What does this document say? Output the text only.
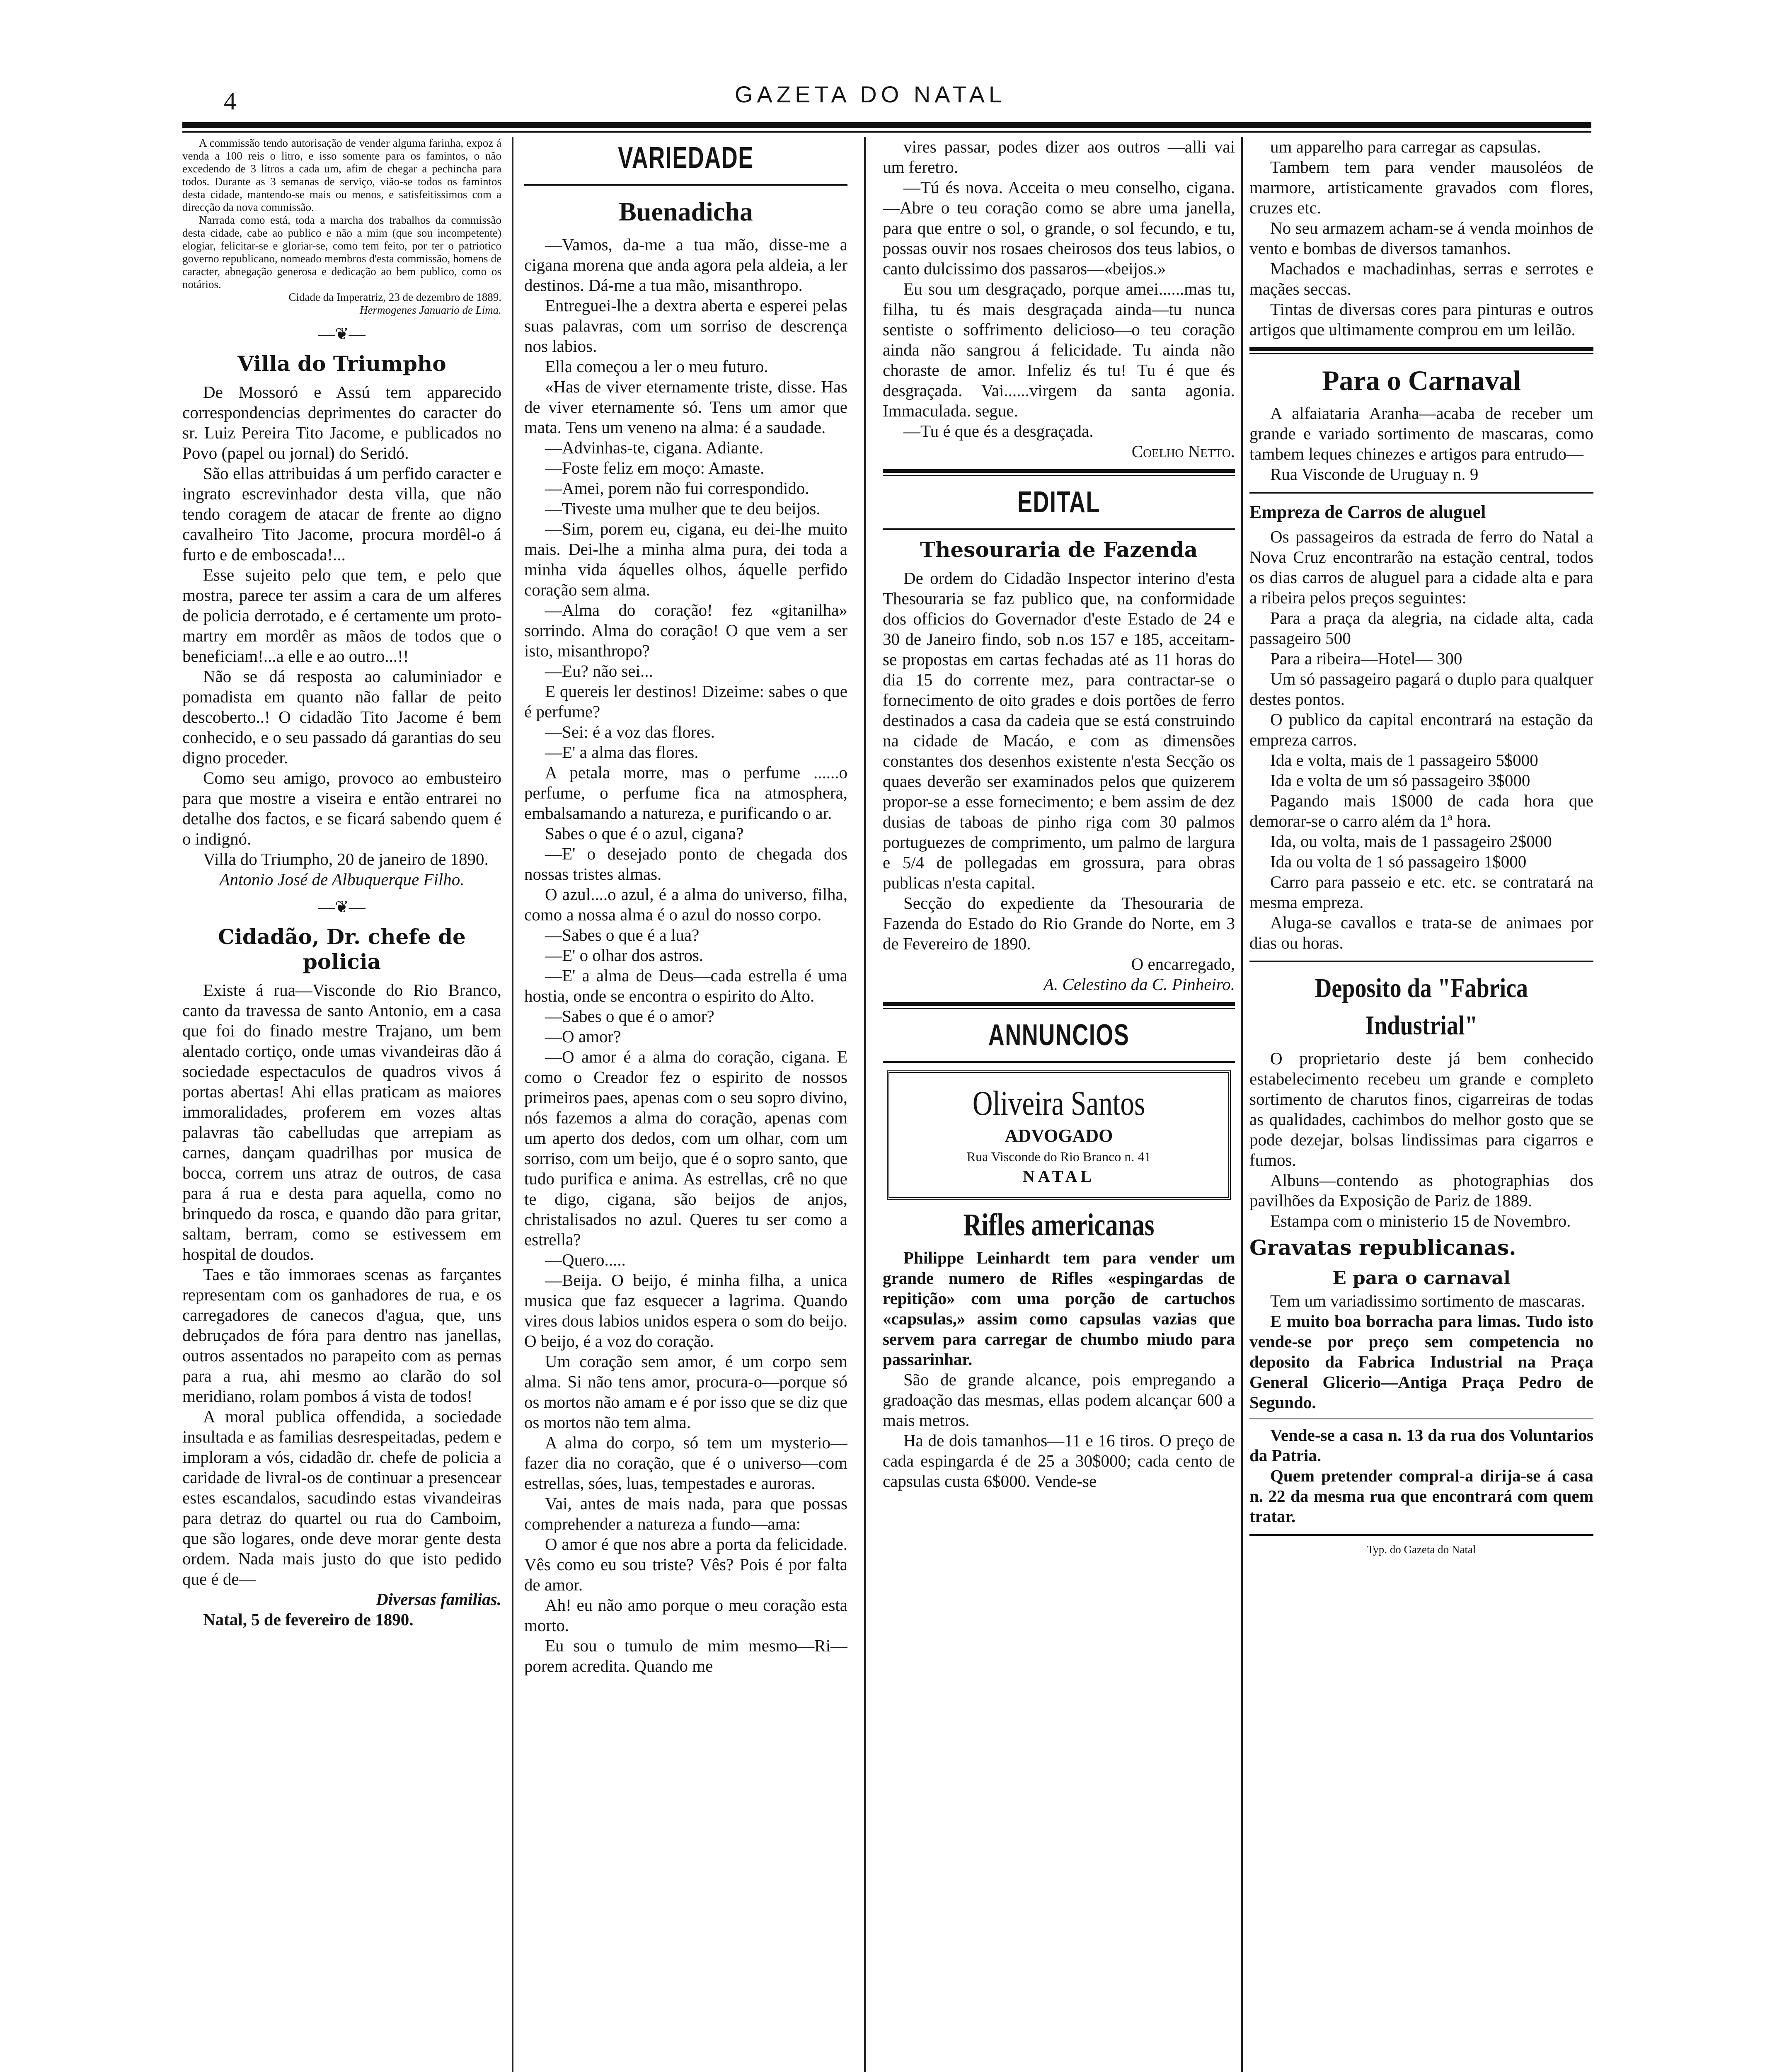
4	GAZETA DO NATAL

A commissão tendo autorisação de vender alguma farinha, expoz á venda a 100 reis o litro, e isso somente para os famintos, o não excedendo de 3 litros a cada um, afim de chegar a pechincha para todos. Durante as 3 semanas de serviço, vião-se todos os famintos desta cidade, mantendo-se mais ou menos, e satisfeitissimos com a direcção da nova commissão.

Narrada como está, toda a marcha dos trabalhos da commissão desta cidade, cabe ao publico e não a mim (que sou incompetente) elogiar, felicitar-se e gloriar-se, como tem feito, por ter o patriotico governo republicano, nomeado membros d'esta commissão, homens de caracter, abnegação generosa e dedicação ao bem publico, como os notários.

Cidade da Imperatriz, 23 de dezembro de 1889.

Hermogenes Januario de Lima.

—❦—
Villa do Triumpho

De Mossoró e Assú tem apparecido correspondencias deprimentes do caracter do sr. Luiz Pereira Tito Jacome, e publicados no Povo (papel ou jornal) do Seridó.

São ellas attribuidas á um perfido caracter e ingrato escrevinhador desta villa, que não tendo coragem de atacar de frente ao digno cavalheiro Tito Jacome, procura mordêl-o á furto e de emboscada!...

Esse sujeito pelo que tem, e pelo que mostra, parece ter assim a cara de um alferes de policia derrotado, e é certamente um proto-martry em mordêr as mãos de todos que o beneficiam!...a elle e ao outro...!!

Não se dá resposta ao caluminiador e pomadista em quanto não fallar de peito descoberto..! O cidadão Tito Jacome é bem conhecido, e o seu passado dá garantias do seu digno proceder.

Como seu amigo, provoco ao embusteiro para que mostre a viseira e então entrarei no detalhe dos factos, e se ficará sabendo quem é o indignó.

Villa do Triumpho, 20 de janeiro de 1890.

Antonio José de Albuquerque Filho.

—❦—
Cidadão, Dr. chefe de policia

Existe á rua—Visconde do Rio Branco, canto da travessa de santo Antonio, em a casa que foi do finado mestre Trajano, um bem alentado cortiço, onde umas vivandeiras dão á sociedade espectaculos de quadros vivos á portas abertas! Ahi ellas praticam as maiores immoralidades, proferem em vozes altas palavras tão cabelludas que arrepiam as carnes, dançam quadrilhas por musica de bocca, correm uns atraz de outros, de casa para á rua e desta para aquella, como no brinquedo da rosca, e quando dão para gritar, saltam, berram, como se estivessem em hospital de doudos.

Taes e tão immoraes scenas as farçantes representam com os ganhadores de rua, e os carregadores de canecos d'agua, que, uns debruçados de fóra para dentro nas janellas, outros assentados no parapeito com as pernas para a rua, ahi mesmo ao clarão do sol meridiano, rolam pombos á vista de todos!

A moral publica offendida, a sociedade insultada e as familias desrespeitadas, pedem e imploram a vós, cidadão dr. chefe de policia a caridade de livral-os de continuar a presencear estes escandalos, sacudindo estas vivandeiras para detraz do quartel ou rua do Camboim, que são logares, onde deve morar gente desta ordem. Nada mais justo do que isto pedido que é de—

Diversas familias.

Natal, 5 de fevereiro de 1890.

VARIEDADE
Buenadicha

—Vamos, da-me a tua mão, disse-me a cigana morena que anda agora pela aldeia, a ler destinos. Dá-me a tua mão, misanthropo.

Entreguei-lhe a dextra aberta e esperei pelas suas palavras, com um sorriso de descrença nos labios.

Ella começou a ler o meu futuro.

«Has de viver eternamente triste, disse. Has de viver eternamente só. Tens um amor que mata. Tens um veneno na alma: é a saudade.

—Advinhas-te, cigana. Adiante.

—Foste feliz em moço: Amaste.

—Amei, porem não fui correspondido.

—Tiveste uma mulher que te deu beijos.

—Sim, porem eu, cigana, eu dei-lhe muito mais. Dei-lhe a minha alma pura, dei toda a minha vida áquelles olhos, áquelle perfido coração sem alma.

—Alma do coração! fez «gitanilha» sorrindo. Alma do coração! O que vem a ser isto, misanthropo?

—Eu? não sei...

E quereis ler destinos! Dizeime: sabes o que é perfume?

—Sei: é a voz das flores.

—E' a alma das flores.

A petala morre, mas o perfume ......o perfume, o perfume fica na atmosphera, embalsamando a natureza, e purificando o ar.

Sabes o que é o azul, cigana?

—E' o desejado ponto de chegada dos nossas tristes almas.

O azul....o azul, é a alma do universo, filha, como a nossa alma é o azul do nosso corpo.

—Sabes o que é a lua?

—E' o olhar dos astros.

—E' a alma de Deus—cada estrella é uma hostia, onde se encontra o espirito do Alto.

—Sabes o que é o amor?

—O amor?

—O amor é a alma do coração, cigana. E como o Creador fez o espirito de nossos primeiros paes, apenas com o seu sopro divino, nós fazemos a alma do coração, apenas com um aperto dos dedos, com um olhar, com um sorriso, com um beijo, que é o sopro santo, que tudo purifica e anima. As estrellas, crê no que te digo, cigana, são beijos de anjos, christalisados no azul. Queres tu ser como a estrella?

—Quero.....

—Beija. O beijo, é minha filha, a unica musica que faz esquecer a lagrima. Quando vires dous labios unidos espera o som do beijo. O beijo, é a voz do coração.

Um coração sem amor, é um corpo sem alma. Si não tens amor, procura-o—porque só os mortos não amam e é por isso que se diz que os mortos não tem alma.

A alma do corpo, só tem um mysterio—fazer dia no coração, que é o universo—com estrellas, sóes, luas, tempestades e auroras.

Vai, antes de mais nada, para que possas comprehender a natureza a fundo—ama:

O amor é que nos abre a porta da felicidade. Vês como eu sou triste? Vês? Pois é por falta de amor.

Ah! eu não amo porque o meu coração esta morto.

Eu sou o tumulo de mim mesmo—Ri—porem acredita. Quando me

vires passar, podes dizer aos outros —alli vai um feretro.

—Tú és nova. Acceita o meu conselho, cigana.—Abre o teu coração como se abre uma janella, para que entre o sol, o grande, o sol fecundo, e tu, possas ouvir nos rosaes cheirosos dos teus labios, o canto dulcissimo dos passaros—«beijos.»

Eu sou um desgraçado, porque amei......mas tu, filha, tu és mais desgraçada ainda—tu nunca sentiste o soffrimento delicioso—o teu coração ainda não sangrou á felicidade. Tu ainda não choraste de amor. Infeliz és tu! Tu é que és desgraçada. Vai......virgem da santa agonia. Immaculada. segue.

—Tu é que és a desgraçada.

Coelho Netto.

EDITAL
Thesouraria de Fazenda

De ordem do Cidadão Inspector interino d'esta Thesouraria se faz publico que, na conformidade dos officios do Governador d'este Estado de 24 e 30 de Janeiro findo, sob n.os 157 e 185, acceitam-se propostas em cartas fechadas até as 11 horas do dia 15 do corrente mez, para contractar-se o fornecimento de oito grades e dois portões de ferro destinados a casa da cadeia que se está construindo na cidade de Macáo, e com as dimensões constantes dos desenhos existente n'esta Secção os quaes deverão ser examinados pelos que quizerem propor-se a esse fornecimento; e bem assim de dez dusias de taboas de pinho riga com 30 palmos portuguezes de comprimento, um palmo de largura e 5/4 de pollegadas em grossura, para obras publicas n'esta capital.

Secção do expediente da Thesouraria de Fazenda do Estado do Rio Grande do Norte, em 3 de Fevereiro de 1890.

O encarregado,

A. Celestino da C. Pinheiro.

ANNUNCIOS
Oliveira Santos
ADVOGADO
Rua Visconde do Rio Branco n. 41
NATAL
Rifles americanas

Philippe Leinhardt tem para vender um grande numero de Rifles «espingardas de repitição» com uma porção de cartuchos «capsulas,» assim como capsulas vazias que servem para carregar de chumbo miudo para passarinhar.

São de grande alcance, pois empregando a gradoação das mesmas, ellas podem alcançar 600 a mais metros.

Ha de dois tamanhos—11 e 16 tiros. O preço de cada espingarda é de 25 a 30$000; cada cento de capsulas custa 6$000. Vende-se

um apparelho para carregar as capsulas.

Tambem tem para vender mausoléos de marmore, artisticamente gravados com flores, cruzes etc.

No seu armazem acham-se á venda moinhos de vento e bombas de diversos tamanhos.

Machados e machadinhas, serras e serrotes e maçães seccas.

Tintas de diversas cores para pinturas e outros artigos que ultimamente comprou em um leilão.

Para o Carnaval

A alfaiataria Aranha—acaba de receber um grande e variado sortimento de mascaras, como tambem leques chinezes e artigos para entrudo—

Rua Visconde de Uruguay n. 9

Empreza de Carros de aluguel

Os passageiros da estrada de ferro do Natal a Nova Cruz encontrarão na estação central, todos os dias carros de aluguel para a cidade alta e para a ribeira pelos preços seguintes:

Para a praça da alegria, na cidade alta, cada passageiro 500

Para a ribeira—Hotel— 300

Um só passageiro pagará o duplo para qualquer destes pontos.

O publico da capital encontrará na estação da empreza carros.

Ida e volta, mais de 1 passageiro 5$000

Ida e volta de um só passageiro 3$000

Pagando mais 1$000 de cada hora que demorar-se o carro além da 1ª hora.

Ida, ou volta, mais de 1 passageiro 2$000

Ida ou volta de 1 só passageiro 1$000

Carro para passeio e etc. etc. se contratará na mesma empreza.

Aluga-se cavallos e trata-se de animaes por dias ou horas.

Deposito da "Fabrica Industrial"

O proprietario deste já bem conhecido estabelecimento recebeu um grande e completo sortimento de charutos finos, cigarreiras de todas as qualidades, cachimbos do melhor gosto que se pode dezejar, bolsas lindissimas para cigarros e fumos.

Albuns—contendo as photographias dos pavilhões da Exposição de Pariz de 1889.

Estampa com o ministerio 15 de Novembro.

Gravatas republicanas.
E para o carnaval

Tem um variadissimo sortimento de mascaras.

E muito boa borracha para limas. Tudo isto vende-se por preço sem competencia no deposito da Fabrica Industrial na Praça General Glicerio—Antiga Praça Pedro de Segundo.

Vende-se a casa n. 13 da rua dos Voluntarios da Patria.

Quem pretender compral-a dirija-se á casa n. 22 da mesma rua que encontrará com quem tratar.

Typ. do Gazeta do Natal
